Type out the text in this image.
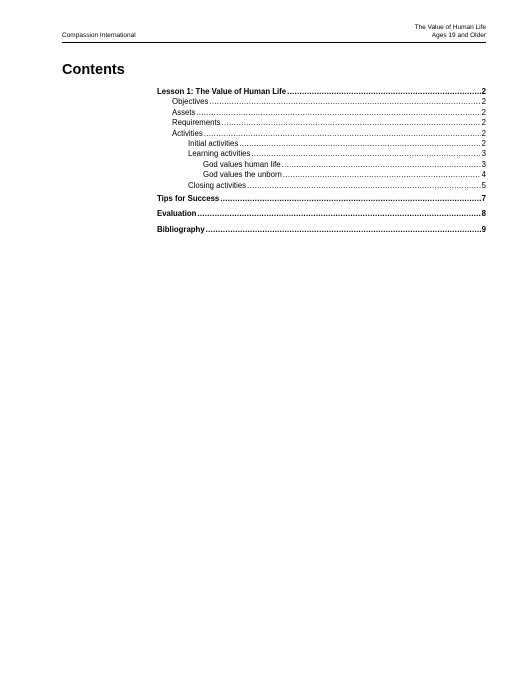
Compassion International
The Value of Human Life
Ages 19 and Older
Contents
Lesson 1: The Value of Human Life .....	2
Objectives .....	2
Assets .....	2
Requirements .....	2
Activities .....	2
Initial activities .....	2
Learning activities .....	3
God values human life .....	3
God values the unborn .....	4
Closing activities .....	5
Tips for Success .....	7
Evaluation .....	8
Bibliography .....	9
